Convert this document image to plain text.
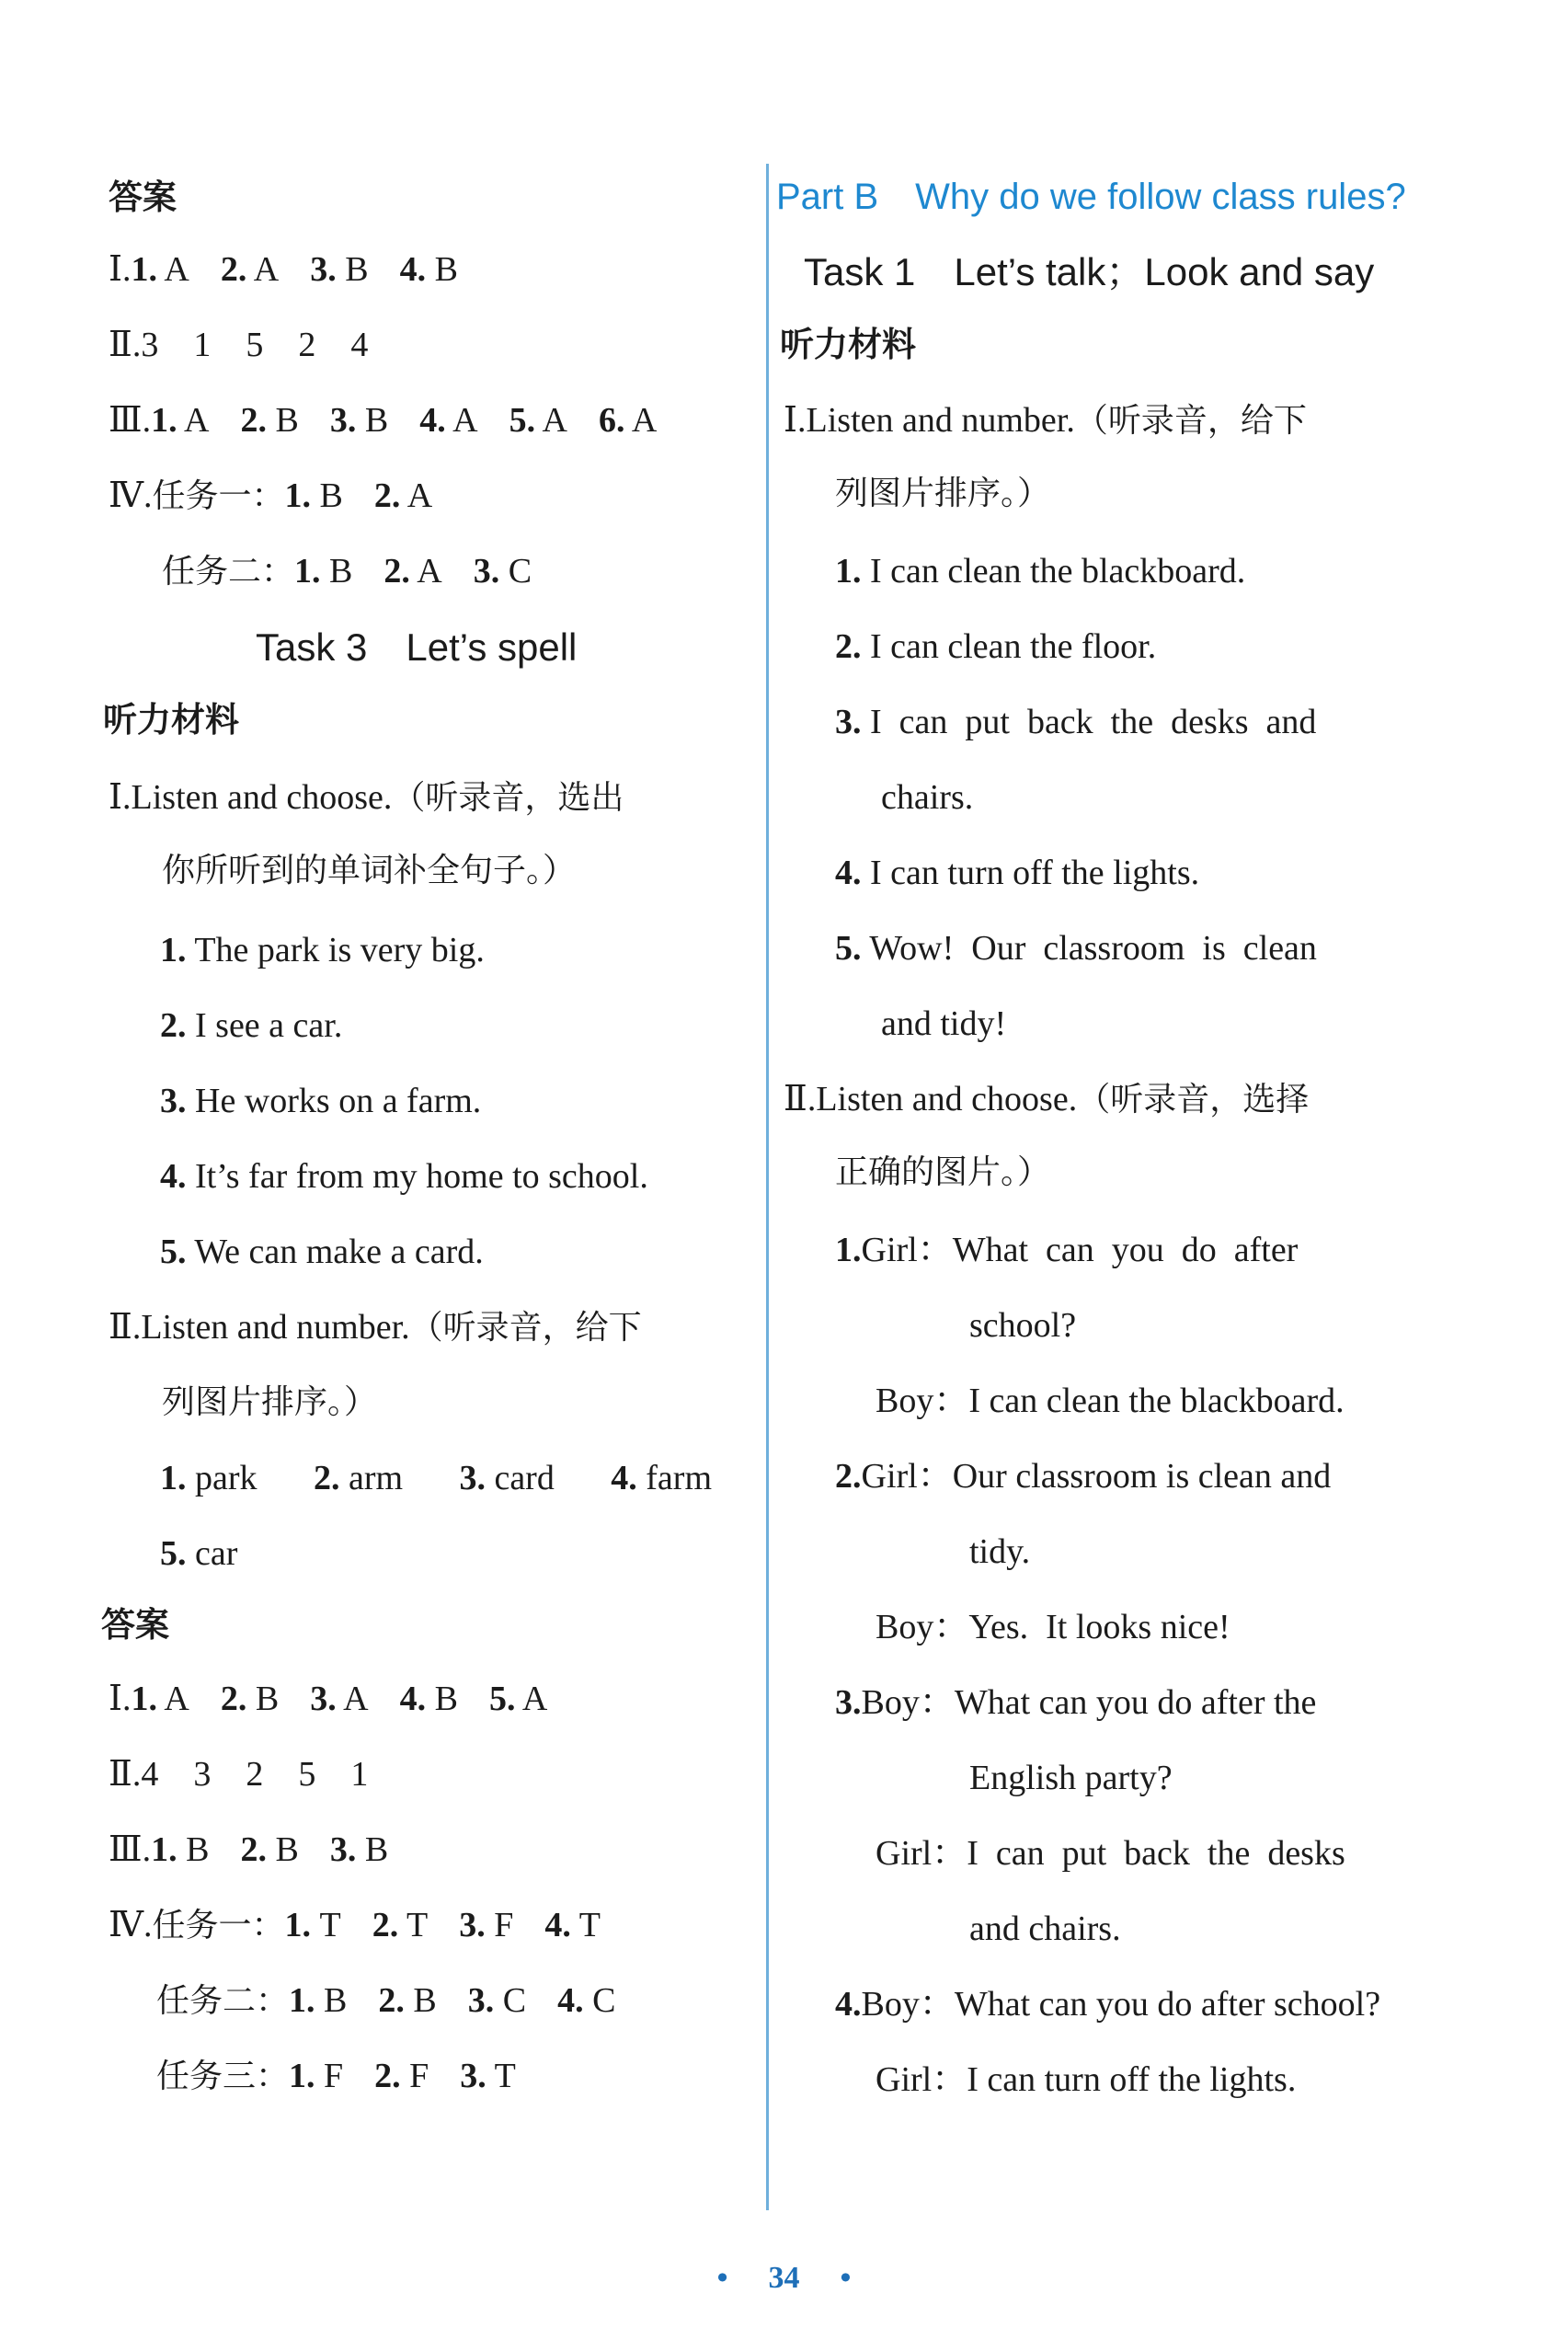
答案
Ⅰ.1. A 2. A 3. B 4. B
Ⅱ.3　1　5　2　4
Ⅲ.1. A 2. B 3. B 4. A 5. A 6. A
Ⅳ.任务一：1. B 2. A
任务二：1. B 2. A 3. C
Task 3　Let’s spell
听力材料
Ⅰ.Listen and choose.（听录音，选出
你所听到的单词补全句子。）
1. The park is very big.
2. I see a car.
3. He works on a farm.
4. It’s far from my home to school.
5. We can make a card.
Ⅱ.Listen and number.（听录音，给下
列图片排序。）
1. park 2. arm 3. card 4. farm
5. car
答案
Ⅰ.1. A 2. B 3. A 4. B 5. A
Ⅱ.4　3　2　5　1
Ⅲ.1. B 2. B 3. B
Ⅳ.任务一：1. T 2. T 3. F 4. T
任务二：1. B 2. B 3. C 4. C
任务三：1. F 2. F 3. T
Part B　Why do we follow class rules?
Task 1　Let’s talk；Look and say
听力材料
Ⅰ.Listen and number.（听录音，给下
列图片排序。）
1. I can clean the blackboard.
2. I can clean the floor.
3. I  can  put  back  the  desks  and
chairs.
4. I can turn off the lights.
5. Wow!  Our  classroom  is  clean
and tidy!
Ⅱ.Listen and choose.（听录音，选择
正确的图片。）
1.Girl：What  can  you  do  after
school?
Boy：I can clean the blackboard.
2.Girl：Our classroom is clean and
tidy.
Boy：Yes.  It looks nice!
3.Boy：What can you do after the
English party?
Girl：I  can  put  back  the  desks
and chairs.
4.Boy：What can you do after school?
Girl：I can turn off the lights.
• 34 •
